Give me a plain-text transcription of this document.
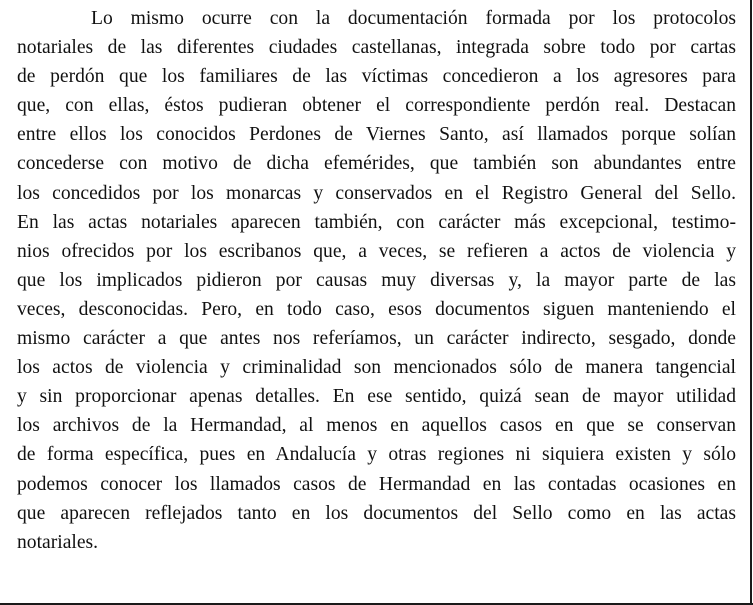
Lo mismo ocurre con la documentación formada por los protocolos
notariales de las diferentes ciudades castellanas, integrada sobre todo por cartas
de perdón que los familiares de las víctimas concedieron a los agresores para
que, con ellas, éstos pudieran obtener el correspondiente perdón real. Destacan
entre ellos los conocidos Perdones de Viernes Santo, así llamados porque solían
concederse con motivo de dicha efemérides, que también son abundantes entre
los concedidos por los monarcas y conservados en el Registro General del Sello.
En las actas notariales aparecen también, con carácter más excepcional, testimo-
nios ofrecidos por los escribanos que, a veces, se refieren a actos de violencia y
que los implicados pidieron por causas muy diversas y, la mayor parte de las
veces, desconocidas. Pero, en todo caso, esos documentos siguen manteniendo el
mismo carácter a que antes nos referíamos, un carácter indirecto, sesgado, donde
los actos de violencia y criminalidad son mencionados sólo de manera tangencial
y sin proporcionar apenas detalles. En ese sentido, quizá sean de mayor utilidad
los archivos de la Hermandad, al menos en aquellos casos en que se conservan
de forma específica, pues en Andalucía y otras regiones ni siquiera existen y sólo
podemos conocer los llamados casos de Hermandad en las contadas ocasiones en
que aparecen reflejados tanto en los documentos del Sello como en las actas
notariales.
